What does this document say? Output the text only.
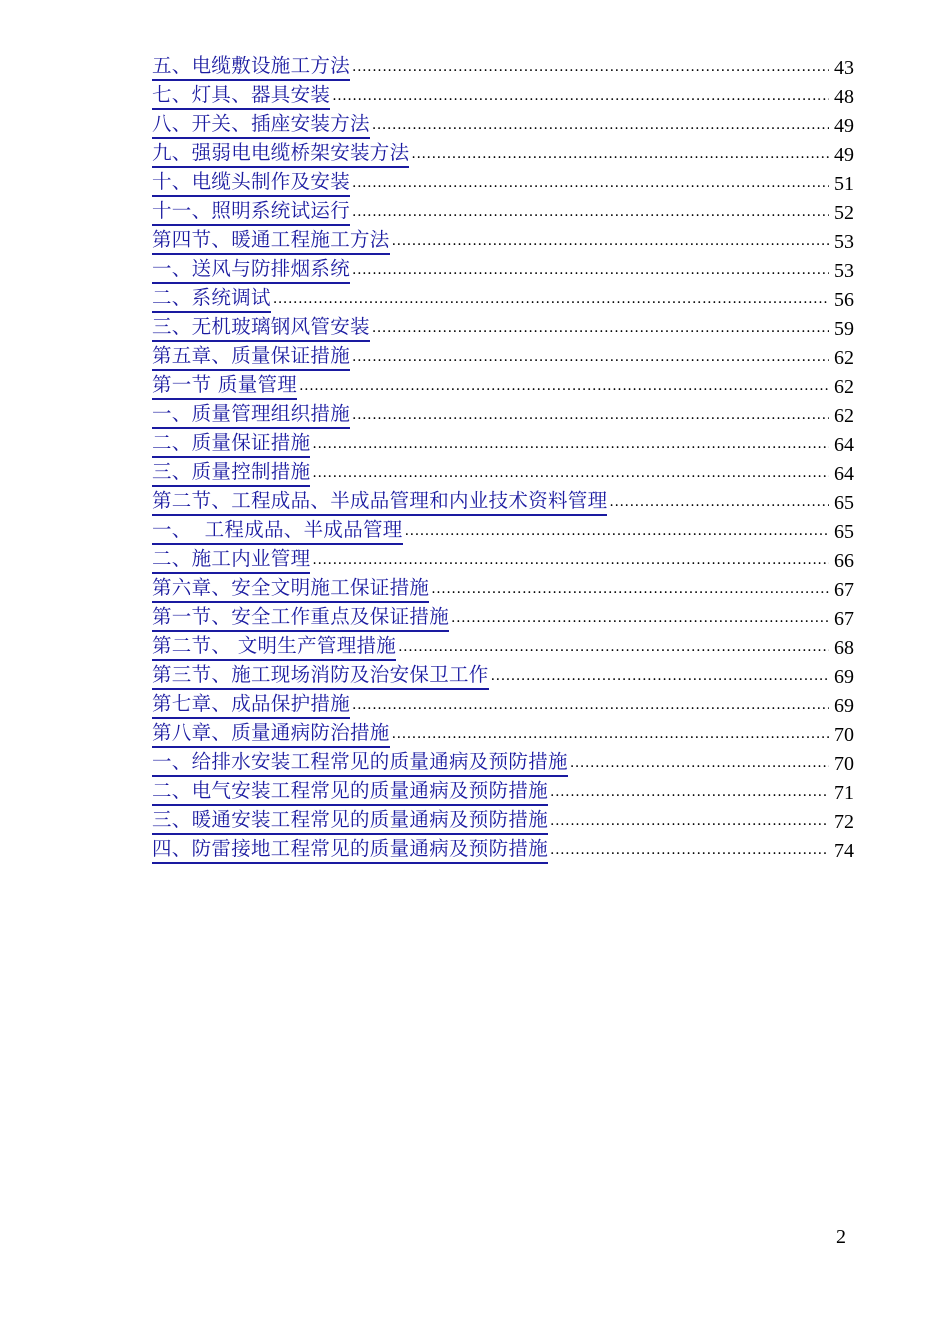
五、电缆敷设施工方法 .....	43
七、灯具、器具安装 .....	48
八、开关、插座安装方法 .....	49
九、强弱电电缆桥架安装方法 .....	49
十、电缆头制作及安装 .....	51
十一、照明系统试运行 .....	52
第四节、暖通工程施工方法 .....	53
一、送风与防排烟系统 .....	53
二、系统调试 .....	56
三、无机玻璃钢风管安装 .....	59
第五章、质量保证措施 .....	62
第一节 质量管理 .....	62
一、质量管理组织措施 .....	62
二、质量保证措施 .....	64
三、质量控制措施 .....	64
第二节、工程成品、半成品管理和内业技术资料管理 .....	65
一、  工程成品、半成品管理 .....	65
二、施工内业管理 .....	66
第六章、安全文明施工保证措施 .....	67
第一节、安全工作重点及保证措施 .....	67
第二节、 文明生产管理措施 .....	68
第三节、施工现场消防及治安保卫工作 .....	69
第七章、成品保护措施 .....	69
第八章、质量通病防治措施 .....	70
一、给排水安装工程常见的质量通病及预防措施 .....	70
二、电气安装工程常见的质量通病及预防措施 .....	71
三、暖通安装工程常见的质量通病及预防措施 .....	72
四、防雷接地工程常见的质量通病及预防措施 .....	74
2
